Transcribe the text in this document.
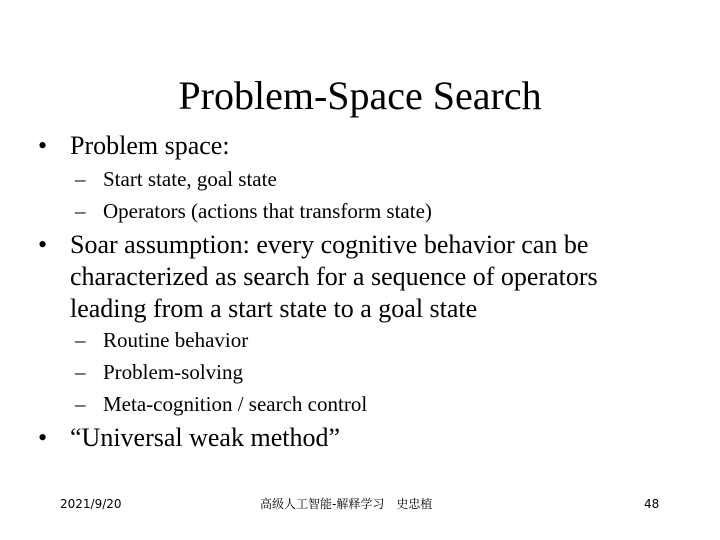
Problem-Space Search
• Problem space:
– Start state, goal state
– Operators (actions that transform state)
• Soar assumption: every cognitive behavior can be
characterized as search for a sequence of operators
leading from a start state to a goal state
– Routine behavior
– Problem-solving
– Meta-cognition / search control
• “Universal weak method”
2021/9/20	高级人工智能-解释学习　史忠植	48
